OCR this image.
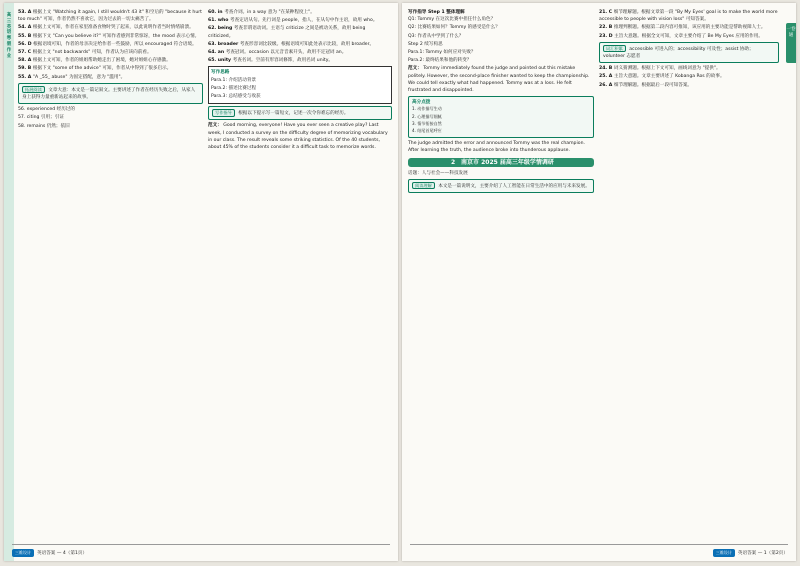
高三英语寒假作业

53. A 根据上文 "Watching it again, I still wouldn't 43 it" 和空后的 "because it hurt too much" 可知，作者仍然不喜欢它，因为过去的一切太痛苦了。

54. A 根据上文可知，作者在家里准备食物时哭了起来，以此说明作者当时情绪崩溃。

55. B 根据下文 "Can you believe it?" 可知作者感到非常惊讶，the mood 表示心情。

56. D 根据语境可知，作者的母亲决定给作者一些鼓励，所以 encouraged 符合语境。

57. C 根据上文 "not backwards" 可知，作者认为应该向前看。

58. A 根据上文可知，作者的姐姐帮助她走出了困境，她对姐姐心存感激。

59. B 根据下文 "some of the advice" 可知，作者从中得到了很多启示。

55. A "A _55_ abuse" 为固定搭配，意为 "滥用"。

拓展阅读 文章大意：本文是一篇记叙文。主要讲述了作者在经历失败之后，从家人身上获得力量重新站起来的故事。

56. experienced 经历过的

57. citing 引用；引证

58. remains 仍然；依旧

60. in 考查介词。in a way 意为 "在某种程度上"。

61. who 考查定语从句。先行词是 people，指人，在从句中作主语，故用 who。

62. being 考查非谓语动词。主语与 criticize 之间是被动关系，故用 being criticized。

63. broader 考查形容词比较级。根据语境可知此处表示比较，故用 broader。

64. an 考查冠词。occasion 以元音音素开头，故用不定冠词 an。

65. unity 考查名词。空前有形容词修饰，故用名词 unity。

写作思路

Para.1: 介绍活动背景

Para.2: 描述比赛过程

Para.3: 总结感受与收获

写作指导 根据以下提示写一篇短文，记述一次令你难忘的经历。

范文： Good morning, everyone! Have you ever seen a creative play? Last week, I conducted a survey on the difficulty degree of memorizing vocabulary in our class. The result reveals some striking statistics. Of the 40 students, about 45% of the students consider it a difficult task to memorize words.

三维设计 英语答案 — 4（第1页）
一卷通
写作指导 Step 1 整体理解

Q1: Tommy 在这次比赛中担任什么角色？

Q2: 比赛结果如何？Tommy 的感受是什么？

Q3: 作者从中学到了什么？

Step 2 续写构思

Para.1: Tommy 如何应对失败？

Para.2: 最终结果和他的转变？

范文： Tommy immediately found the judge and pointed out this mistake politely. However, the second-place finisher wanted to keep the championship. We could tell exactly what had happened. Tommy was at a loss. He felt frustrated and disappointed.

高分点拨

1. 动作描写生动

2. 心理描写细腻

3. 情节衔接自然

4. 结尾首尾呼应

The judge admitted the error and announced Tommy was the real champion. After learning the truth, the audience broke into thunderous applause.

2 南京市 2025 届高三年级学情调研

话题：人与社会——科技发展

阅读理解 本文是一篇说明文，主要介绍了人工智能在日常生活中的应用与未来发展。

21. C 细节理解题。根据文章第一段 "By My Eyes' goal is to make the world more accessible to people with vision loss" 可知答案。

22. B 推理判断题。根据第二段内容可推知，该应用的主要功能是帮助视障人士。

23. D 主旨大意题。根据全文可知，文章主要介绍了 Be My Eyes 应用的作用。

词汇积累 accessible 可进入的；accessibility 可及性；assist 协助；volunteer 志愿者

24. B 词义猜测题。根据上下文可知，画线词意为 "提供"。

25. A 主旨大意题。文章主要讲述了 Kobanga Ros 的故事。

26. A 细节理解题。根据最后一段可知答案。

三维设计 英语答案 — 1（第2页）
